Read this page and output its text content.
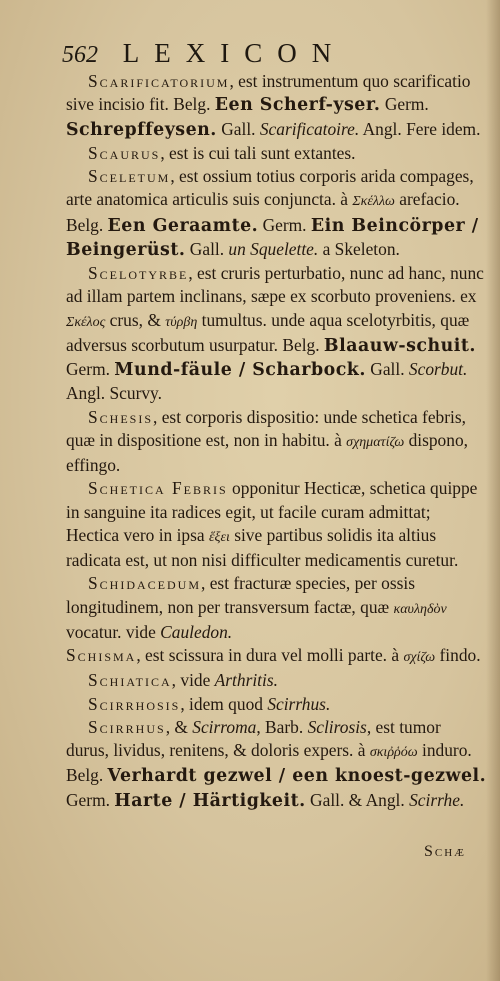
562 LEXICON

Scarificatorium, est instrumentum quo scarificatio sive incisio fit. Belg. Een Scherf-yser. Germ. Schrepffeysen. Gall. Scarificatoire. Angl. Fere idem.

Scaurus, est is cui tali sunt extantes.

Sceletum, est ossium totius corporis arida compages, arte anatomica articulis suis conjuncta. à Σκέλλω arefacio. Belg. Een Geraamte. Germ. Ein Beincörper / Beingerüst. Gall. un Squelette. a Skeleton.

Scelotyrbe, est cruris perturbatio, nunc ad hanc, nunc ad illam partem inclinans, sæpe ex scorbuto proveniens. ex Σκέλος crus, & τύρβη tumultus. unde aqua scelotyrbitis, quæ adversus scorbutum usurpatur. Belg. Blaauw-schuit. Germ. Mund-fäule / Scharbock. Gall. Scorbut. Angl. Scurvy.

Schesis, est corporis dispositio: unde schetica febris, quæ in dispositione est, non in habitu. à σχηματίζω dispono, effingo.

Schetica Febris opponitur Hecticæ, schetica quippe in sanguine ita radices egit, ut facile curam admittat; Hectica vero in ipsa ἕξει sive partibus solidis ita altius radicata est, ut non nisi difficulter medicamentis curetur.

Schidacedum, est fracturæ species, per ossis longitudinem, non per transversum factæ, quæ καυληδὸν vocatur. vide Cauledon.

Schisma, est scissura in dura vel molli parte. à σχίζω findo.

Schiatica, vide Arthritis.

Scirrhosis, idem quod Scirrhus.

Scirrhus, & Scirroma, Barb. Sclirosis, est tumor durus, lividus, renitens, & doloris expers. à σκιῤῥόω induro. Belg. Verhardt gezwel / een knoest-gezwel. Germ. Harte / Härtigkeit. Gall. & Angl. Scirrhe.

Schæ
